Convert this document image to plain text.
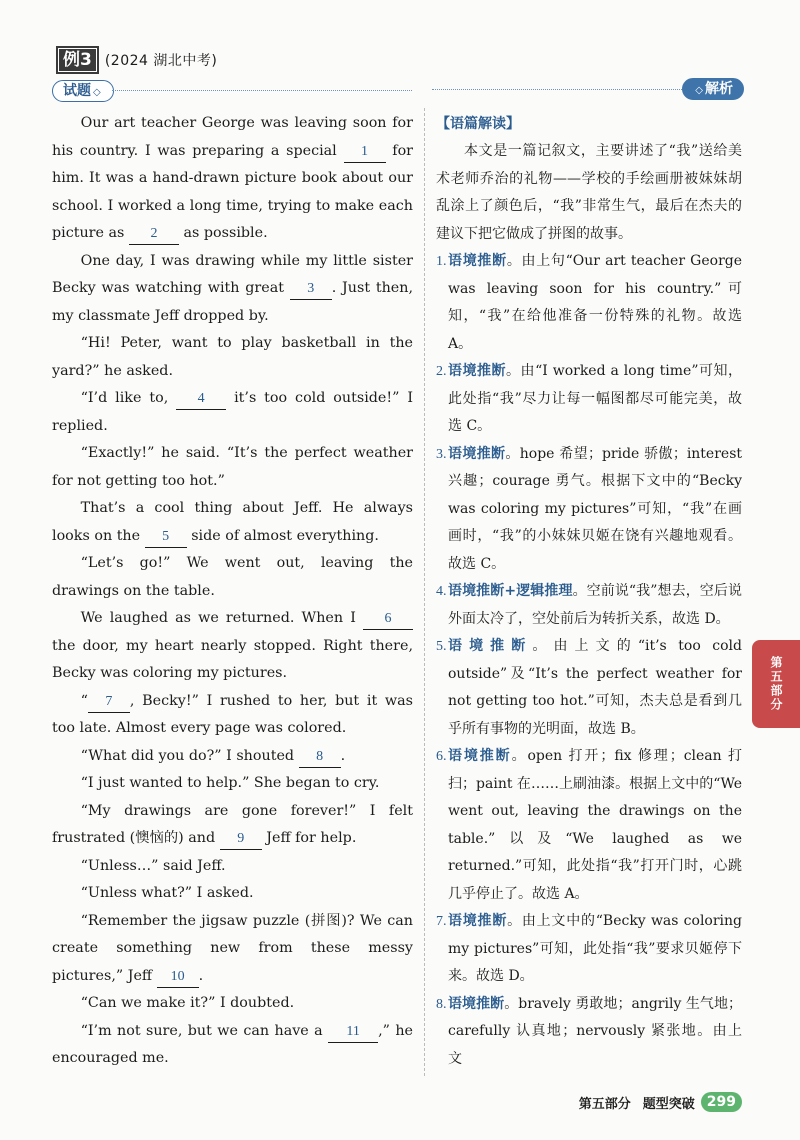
例3 (2024 湖北中考)
试题 ◇	◇ 解析

Our art teacher George was leaving soon for his country. I was preparing a special 1 for him. It was a hand-drawn picture book about our school. I worked a long time, trying to make each picture as 2 as possible.

One day, I was drawing while my little sister Becky was watching with great 3 . Just then, my classmate Jeff dropped by.

“Hi! Peter, want to play basketball in the yard?” he asked.

“I’d like to, 4 it’s too cold outside!” I replied.

“Exactly!” he said. “It’s the perfect weather for not getting too hot.”

That’s a cool thing about Jeff. He always looks on the 5 side of almost everything.

“Let’s go!” We went out, leaving the drawings on the table.

We laughed as we returned. When I 6 the door, my heart nearly stopped. Right there, Becky was coloring my pictures.

“ 7 , Becky!” I rushed to her, but it was too late. Almost every page was colored.

“What did you do?” I shouted 8 .

“I just wanted to help.” She began to cry.

“My drawings are gone forever!” I felt frustrated (懊恼的) and 9 Jeff for help.

“Unless…” said Jeff.

“Unless what?” I asked.

“Remember the jigsaw puzzle (拼图)? We can create something new from these messy pictures,” Jeff 10 .

“Can we make it?” I doubted.

“I’m not sure, but we can have a 11 ,” he encouraged me.

【语篇解读】

本文是一篇记叙文，主要讲述了“我”送给美术老师乔治的礼物——学校的手绘画册被妹妹胡乱涂上了颜色后，“我”非常生气，最后在杰夫的建议下把它做成了拼图的故事。

1. 语境推断。由上句“Our art teacher George was leaving soon for his country.”可知，“我”在给他准备一份特殊的礼物。故选 A。
2. 语境推断。由“I worked a long time”可知，此处指“我”尽力让每一幅图都尽可能完美，故选 C。
3. 语境推断。hope 希望；pride 骄傲；interest 兴趣；courage 勇气。根据下文中的“Becky was coloring my pictures”可知，“我”在画画时，“我”的小妹妹贝姬在饶有兴趣地观看。故选 C。
4. 语境推断+逻辑推理。空前说“我”想去，空后说外面太冷了，空处前后为转折关系，故选 D。
5. 语境推断。由上文的“it’s too cold outside”及“It’s the perfect weather for not getting too hot.”可知，杰夫总是看到几乎所有事物的光明面，故选 B。
6. 语境推断。open 打开；fix 修理；clean 打扫；paint 在……上刷油漆。根据上文中的“We went out, leaving the drawings on the table.”以及“We laughed as we returned.”可知，此处指“我”打开门时，心跳几乎停止了。故选 A。
7. 语境推断。由上文中的“Becky was coloring my pictures”可知，此处指“我”要求贝姬停下来。故选 D。
8. 语境推断。bravely 勇敢地；angrily 生气地；carefully 认真地；nervously 紧张地。由上文
第五部分
第五部分 题型突破 299
